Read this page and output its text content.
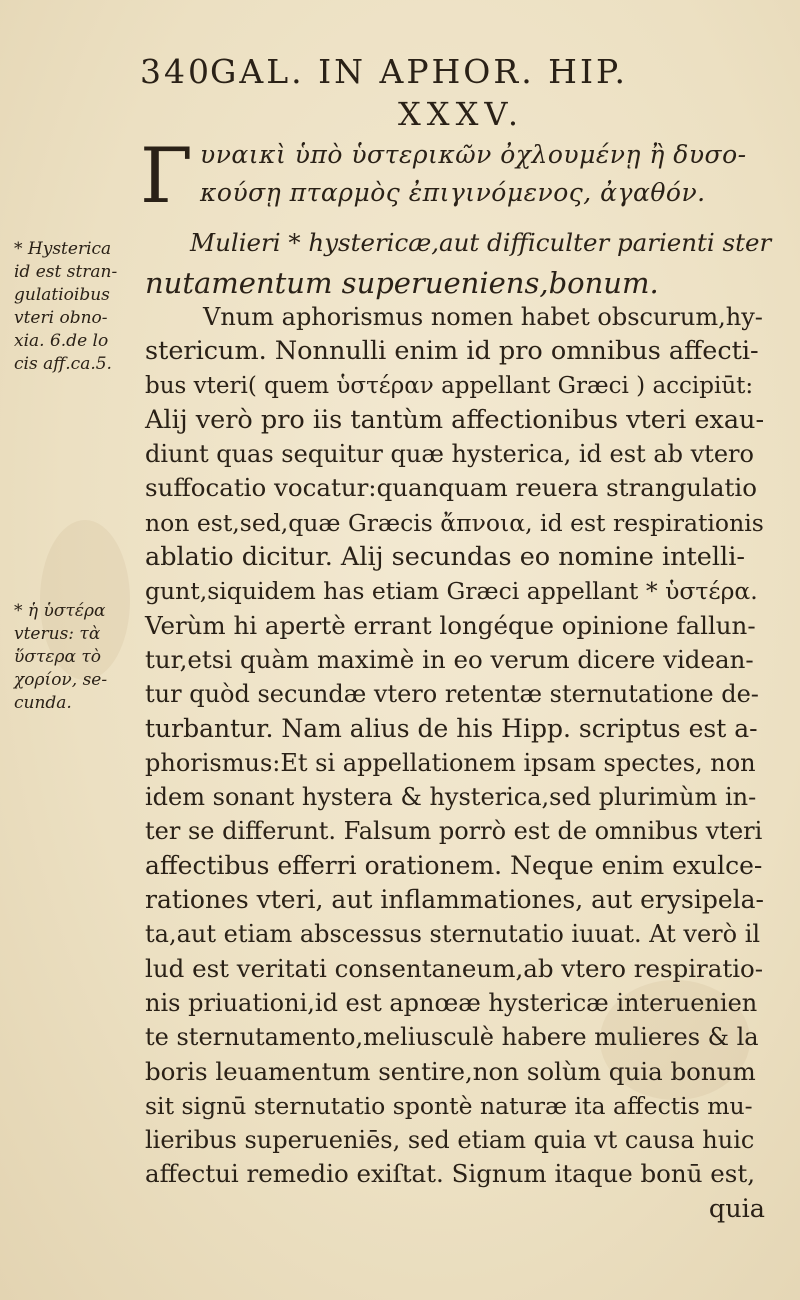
340GAL. IN APHOR. HIP.
XXXV.
Γ υναικὶ ὑπὸ ὑστερικῶν ὀχλουμένῃ ἢ δυσο-
κούσῃ πταρμὸς ἐπιγινόμενος, ἀγαθόν.
Mulieri * hystericæ,aut difficulter parienti ster
nutamentum superueniens,bonum.
* Hysterica
id est stran-
gulatioibus
vteri obno-
xia. 6.de lo
cis aff.ca.5.
* ἡ ὑστέρα
vterus: τὰ
ὕστερα τὸ
χορίον, se-
cunda.
Vnum aphorismus nomen habet obscurum,hy-
stericum. Nonnulli enim id pro omnibus affecti-
bus vteri( quem ὑστέραν appellant Græci ) accipiūt:
Alij verò pro iis tantùm affectionibus vteri exau-
diunt quas sequitur quæ hysterica, id est ab vtero
suffocatio vocatur:quanquam reuera strangulatio
non est,sed,quæ Græcis ἄπνοια, id est respirationis
ablatio dicitur. Alij secundas eo nomine intelli-
gunt,siquidem has etiam Græci appellant * ὑστέρα.
Verùm hi apertè errant longéque opinione fallun-
tur,etsi quàm maximè in eo verum dicere videan-
tur quòd secundæ vtero retentæ sternutatione de-
turbantur. Nam alius de his Hipp. scriptus est a-
phorismus:Et si appellationem ipsam spectes, non
idem sonant hystera & hysterica,sed plurimùm in-
ter se differunt. Falsum porrò est de omnibus vteri
affectibus efferri orationem. Neque enim exulce-
rationes vteri, aut inflammationes, aut erysipela-
ta,aut etiam abscessus sternutatio iuuat. At verò il
lud est veritati consentaneum,ab vtero respiratio-
nis priuationi,id est apnœæ hystericæ interuenien
te sternutamento,meliusculè habere mulieres & la
boris leuamentum sentire,non solùm quia bonum
sit signū sternutatio spontè naturæ ita affectis mu-
lieribus superueniēs, sed etiam quia vt causa huic
affectui remedio exiſtat. Signum itaque bonū est,
quia
